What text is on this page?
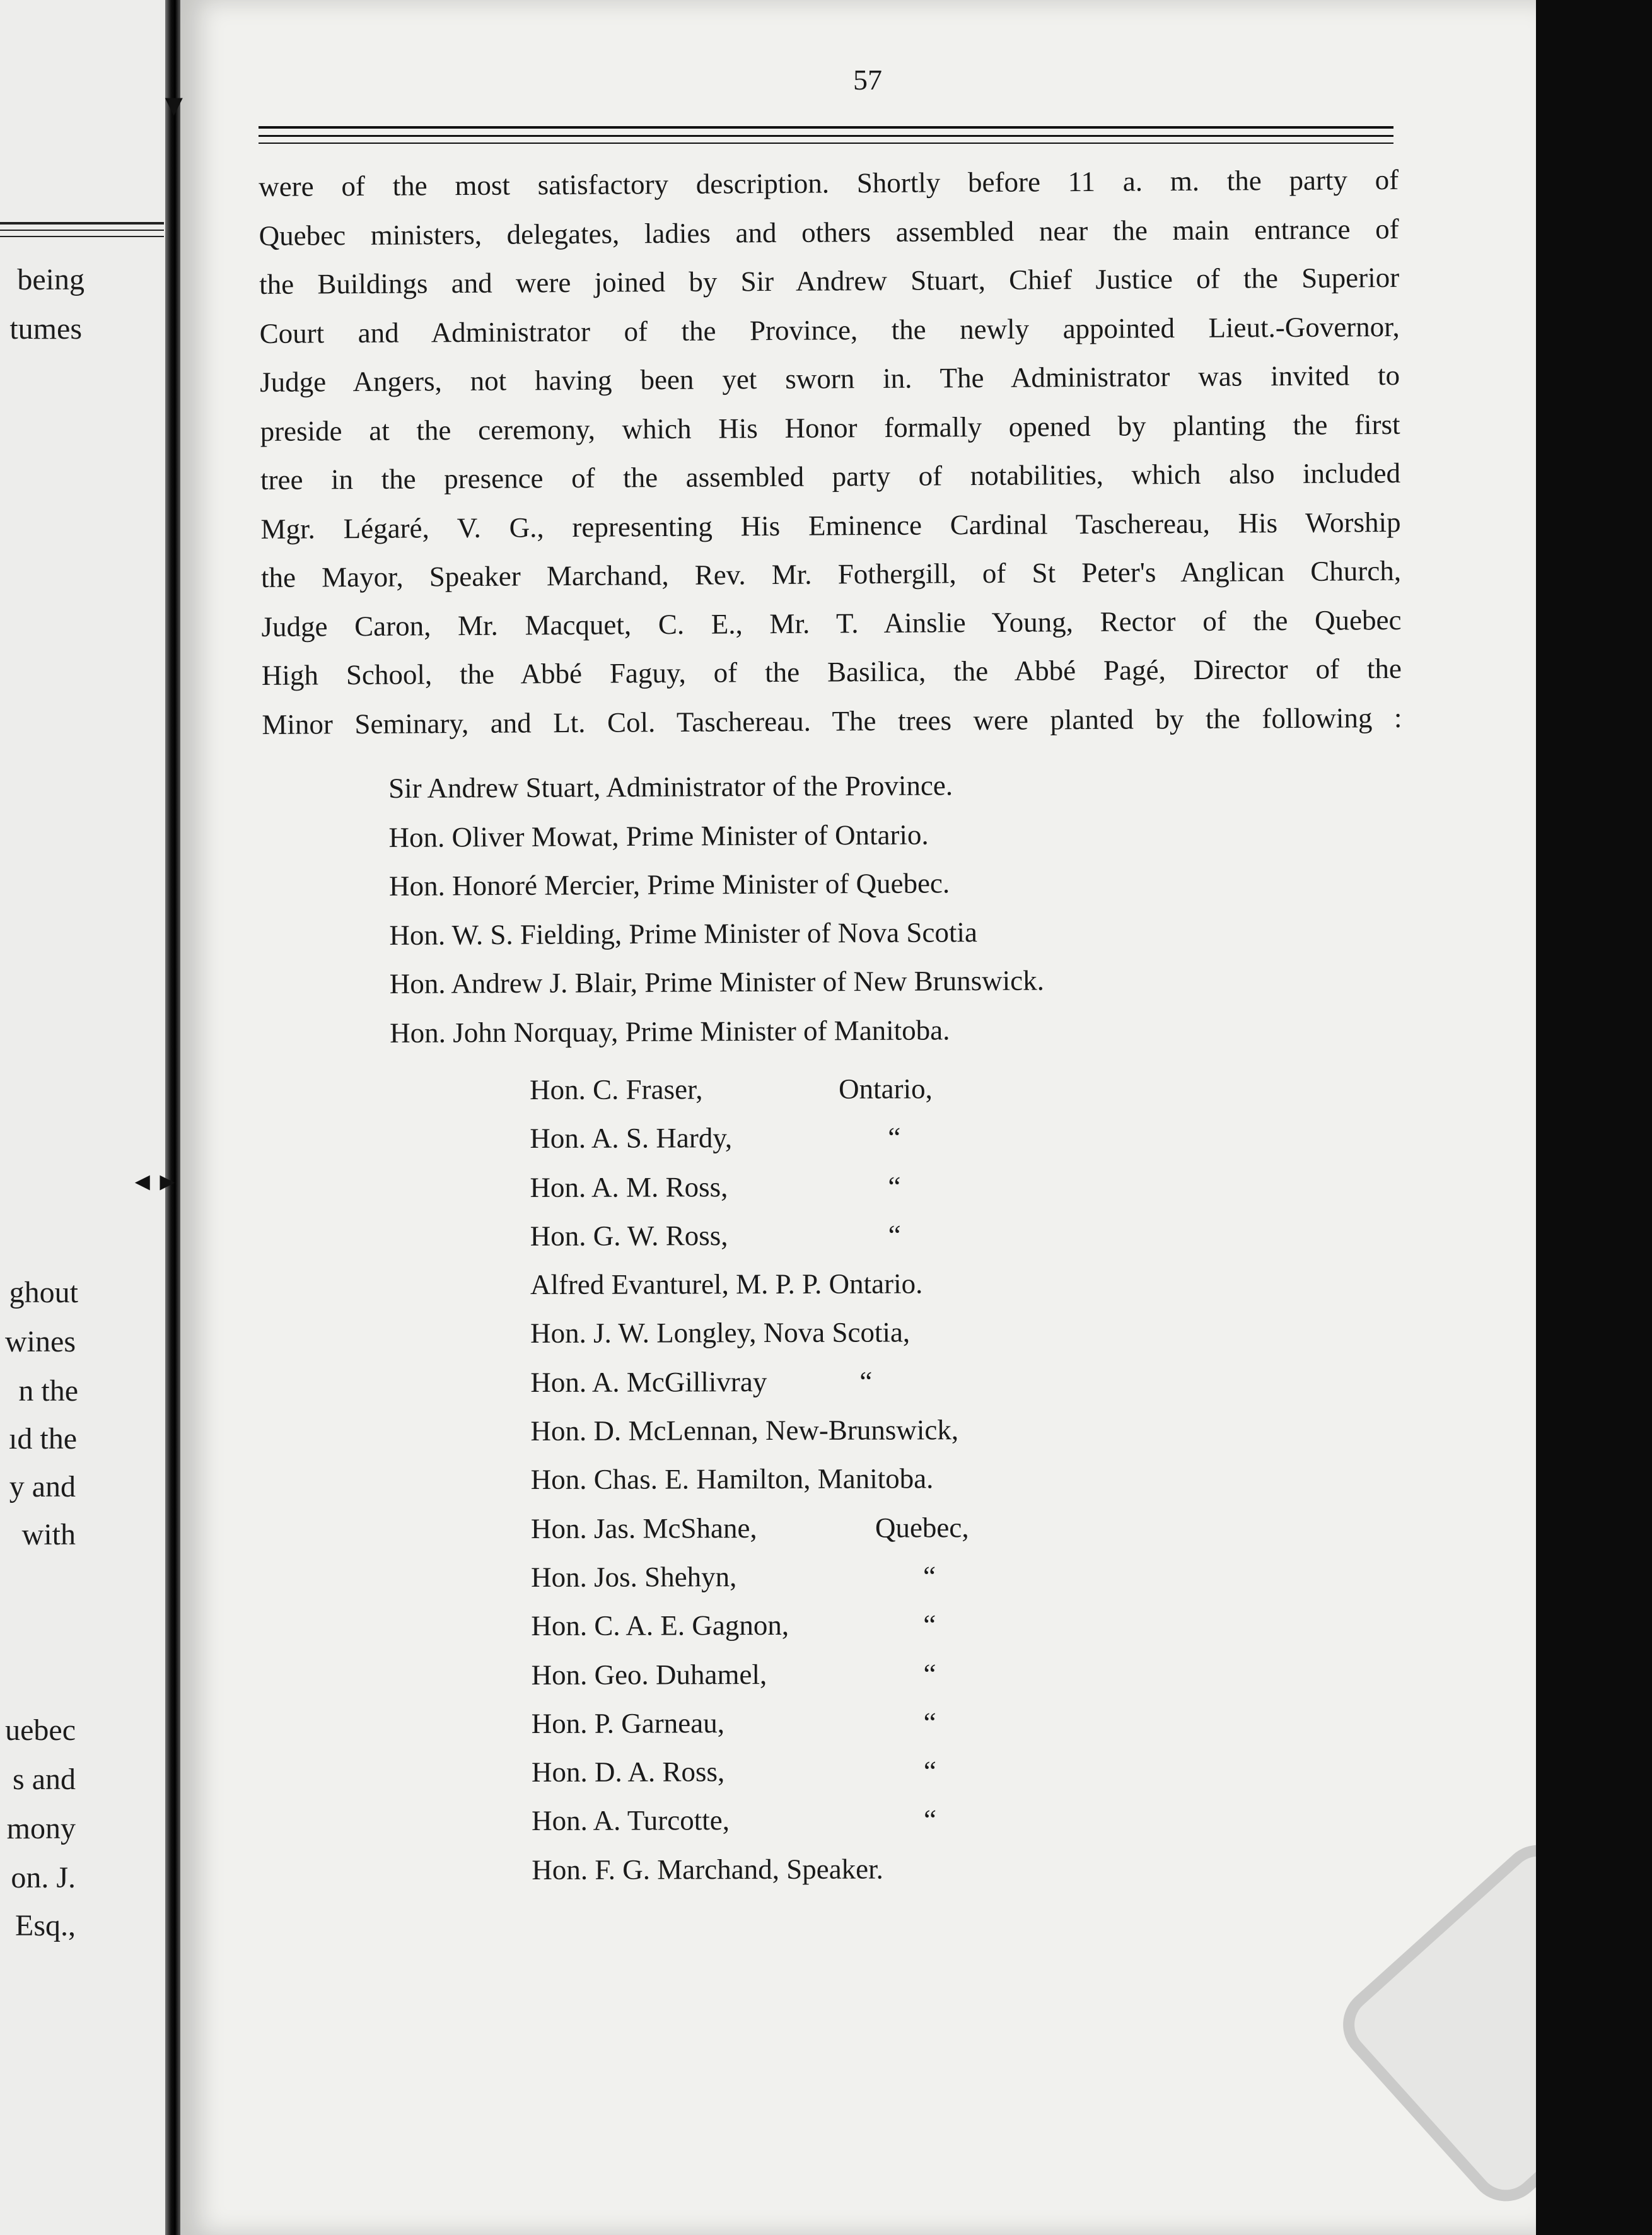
being
tumes
ghout
wines
n the
ıd the
y and
with
uebec
s and
mony
on. J.
Esq.,
57
were of the most satisfactory description. Shortly before 11 a. m. the party of
Quebec ministers, delegates, ladies and others assembled near the main entrance of
the Buildings and were joined by Sir Andrew Stuart, Chief Justice of the Superior
Court and Administrator of the Province, the newly appointed Lieut.-Governor,
Judge Angers, not having been yet sworn in. The Administrator was invited to
preside at the ceremony, which His Honor formally opened by planting the first
tree in the presence of the assembled party of notabilities, which also included
Mgr. Légaré, V. G., representing His Eminence Cardinal Taschereau, His Worship
the Mayor, Speaker Marchand, Rev. Mr. Fothergill, of St Peter's Anglican Church,
Judge Caron, Mr. Macquet, C. E., Mr. T. Ainslie Young, Rector of the Quebec
High School, the Abbé Faguy, of the Basilica, the Abbé Pagé, Director of the
Minor Seminary, and Lt. Col. Taschereau. The trees were planted by the following :
Sir Andrew Stuart, Administrator of the Province.
Hon. Oliver Mowat, Prime Minister of Ontario.
Hon. Honoré Mercier, Prime Minister of Quebec.
Hon. W. S. Fielding, Prime Minister of Nova Scotia
Hon. Andrew J. Blair, Prime Minister of New Brunswick.
Hon. John Norquay, Prime Minister of Manitoba.
Hon. C. Fraser,	Ontario,
Hon. A. S. Hardy,	“
Hon. A. M. Ross,	“
Hon. G. W. Ross,	“
Alfred Evanturel, M. P. P. Ontario.
Hon. J. W. Longley, Nova Scotia,
Hon. A. McGillivray	“
Hon. D. McLennan, New-Brunswick,
Hon. Chas. E. Hamilton, Manitoba.
Hon. Jas. McShane,	Quebec,
Hon. Jos. Shehyn,	“
Hon. C. A. E. Gagnon,	“
Hon. Geo. Duhamel,	“
Hon. P. Garneau,	“
Hon. D. A. Ross,	“
Hon. A. Turcotte,	“
Hon. F. G. Marchand, Speaker.
▼
◄►
